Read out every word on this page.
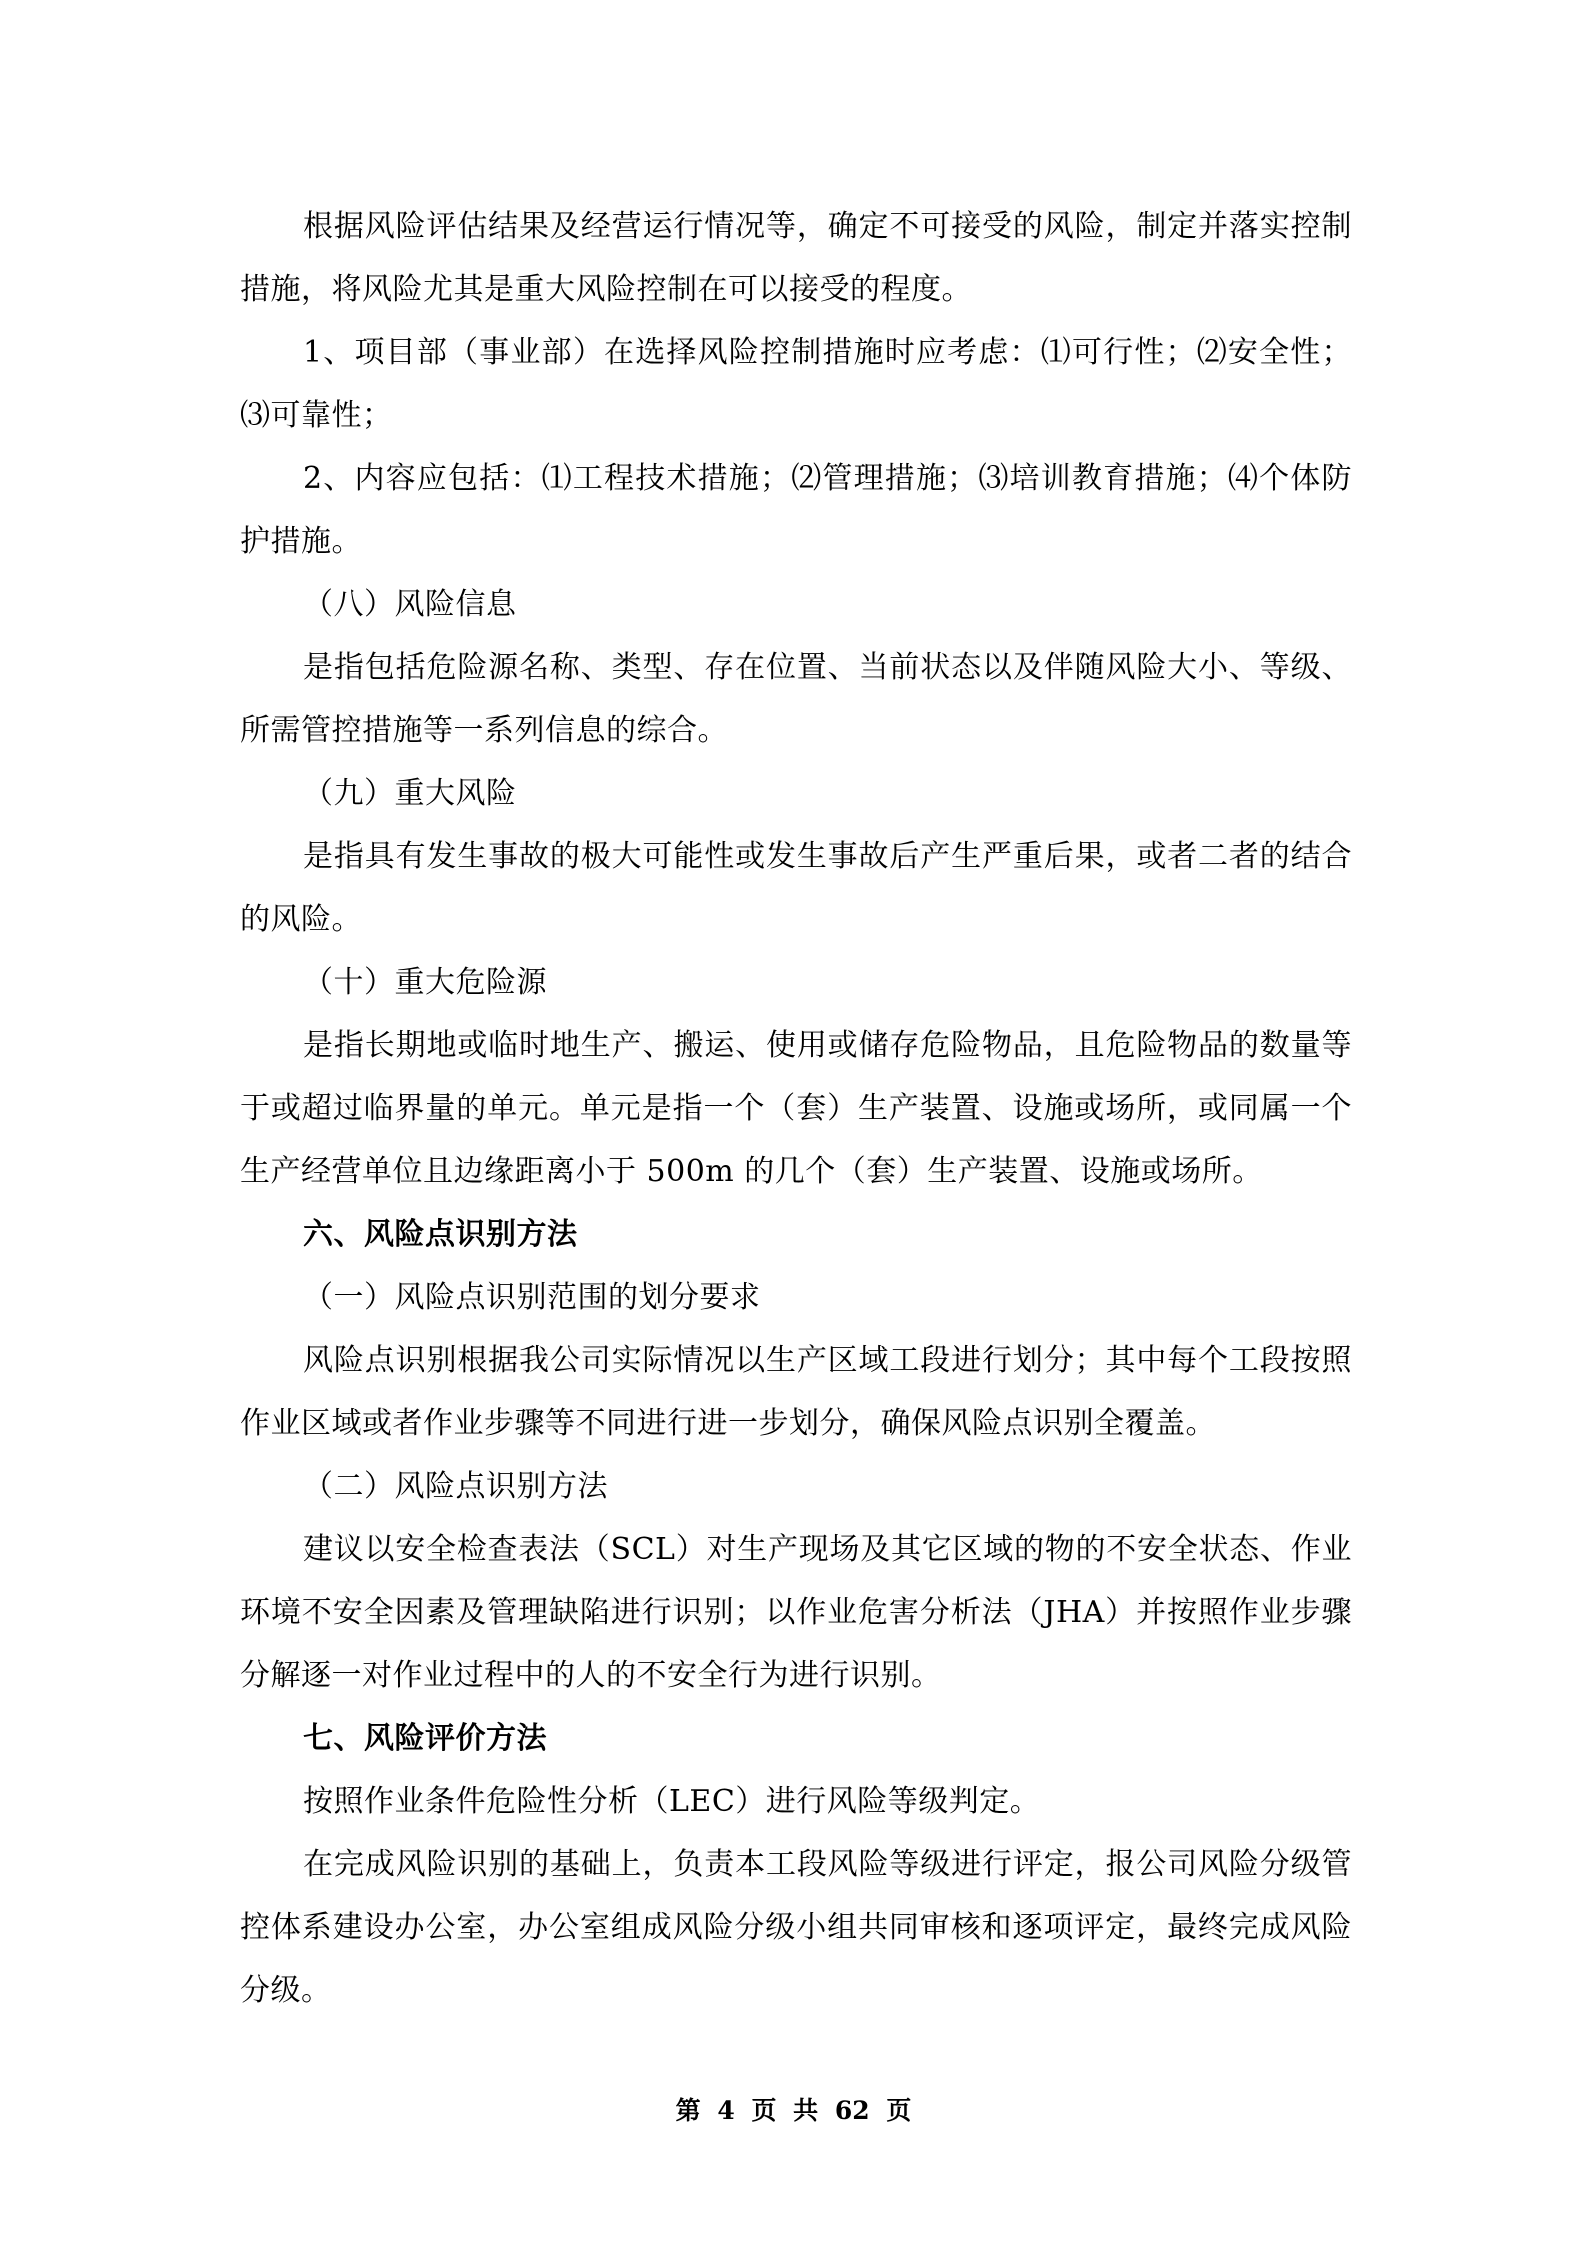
根据风险评估结果及经营运行情况等，确定不可接受的风险，制定并落实控制措施，将风险尤其是重大风险控制在可以接受的程度。

1、项目部（事业部）在选择风险控制措施时应考虑：⑴可行性；⑵安全性；⑶可靠性；

2、内容应包括：⑴工程技术措施；⑵管理措施；⑶培训教育措施；⑷个体防护措施。

（八）风险信息

是指包括危险源名称、类型、存在位置、当前状态以及伴随风险大小、等级、所需管控措施等一系列信息的综合。

（九）重大风险

是指具有发生事故的极大可能性或发生事故后产生严重后果，或者二者的结合的风险。

（十）重大危险源

是指长期地或临时地生产、搬运、使用或储存危险物品，且危险物品的数量等于或超过临界量的单元。单元是指一个（套）生产装置、设施或场所，或同属一个生产经营单位且边缘距离小于 500m 的几个（套）生产装置、设施或场所。

六、风险点识别方法

（一）风险点识别范围的划分要求

风险点识别根据我公司实际情况以生产区域工段进行划分；其中每个工段按照作业区域或者作业步骤等不同进行进一步划分，确保风险点识别全覆盖。

（二）风险点识别方法

建议以安全检查表法（SCL）对生产现场及其它区域的物的不安全状态、作业环境不安全因素及管理缺陷进行识别；以作业危害分析法（JHA）并按照作业步骤分解逐一对作业过程中的人的不安全行为进行识别。

七、风险评价方法

按照作业条件危险性分析（LEC）进行风险等级判定。

在完成风险识别的基础上，负责本工段风险等级进行评定，报公司风险分级管控体系建设办公室，办公室组成风险分级小组共同审核和逐项评定，最终完成风险分级。

第 4 页 共 62 页
